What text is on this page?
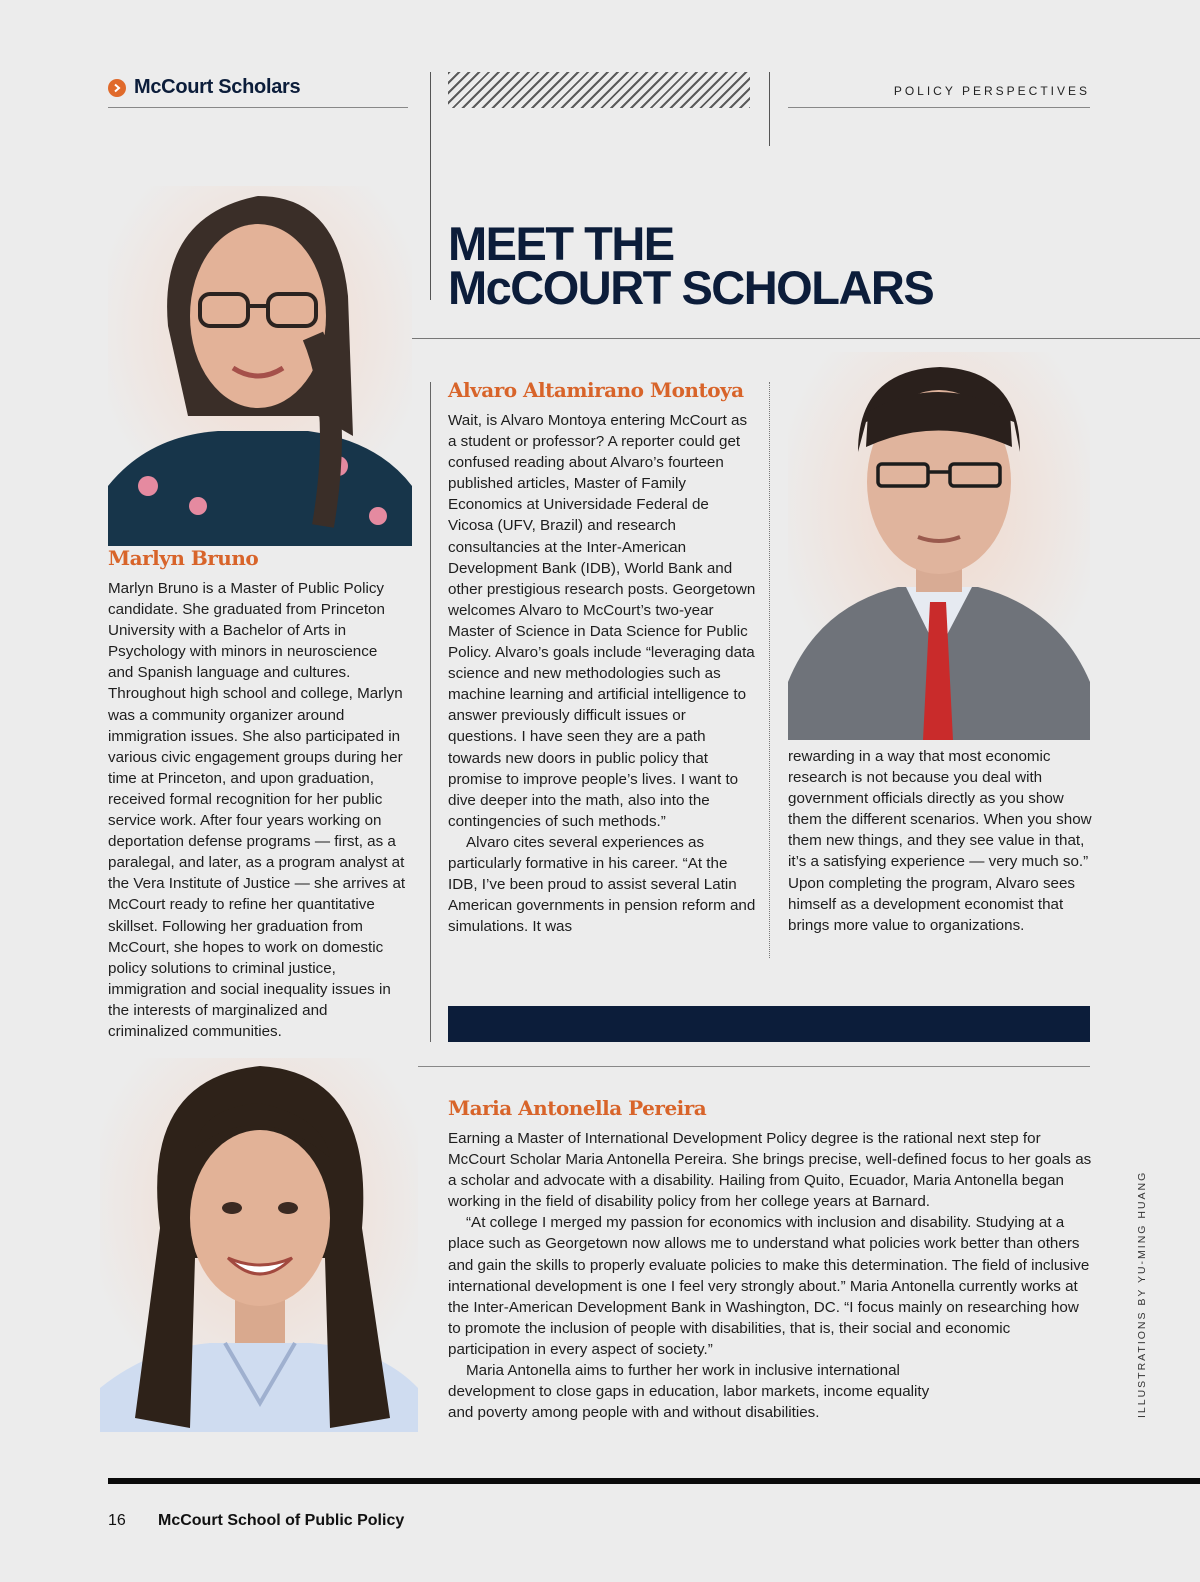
McCourt Scholars	POLICY PERSPECTIVES
MEET THE
McCOURT SCHOLARS
Marlyn Bruno

Marlyn Bruno is a Master of Public Policy candidate. She graduated from Princeton University with a Bachelor of Arts in Psychology with minors in neuroscience and Spanish language and cultures. Throughout high school and college, Marlyn was a community organizer around immigration issues. She also participated in various civic engagement groups during her time at Princeton, and upon graduation, received formal recognition for her public service work. After four years working on deportation defense programs — first, as a paralegal, and later, as a program analyst at the Vera Institute of Justice — she arrives at McCourt ready to refine her quantitative skillset. Following her graduation from McCourt, she hopes to work on domestic policy solutions to criminal justice, immigration and social inequality issues in the interests of marginalized and criminalized communities.

Alvaro Altamirano Montoya

Wait, is Alvaro Montoya entering McCourt as a student or professor? A reporter could get confused reading about Alvaro’s fourteen published articles, Master of Family Economics at Universidade Federal de Vicosa (UFV, Brazil) and research consultancies at the Inter-American Development Bank (IDB), World Bank and other prestigious research posts. Georgetown welcomes Alvaro to McCourt’s two-year Master of Science in Data Science for Public Policy. Alvaro’s goals include “leveraging data science and new methodologies such as machine learning and artificial intelligence to answer previously difficult issues or questions. I have seen they are a path towards new doors in public policy that promise to improve people’s lives. I want to dive deeper into the math, also into the contingencies of such methods.”

Alvaro cites several experiences as particularly formative in his career. “At the IDB, I’ve been proud to assist several Latin American governments in pension reform and simulations. It was

rewarding in a way that most economic research is not because you deal with government officials directly as you show them the different scenarios. When you show them new things, and they see value in that, it’s a satisfying experience — very much so.” Upon completing the program, Alvaro sees himself as a development economist that brings more value to organizations.

Maria Antonella Pereira

Earning a Master of International Development Policy degree is the rational next step for McCourt Scholar Maria Antonella Pereira. She brings precise, well-defined focus to her goals as a scholar and advocate with a disability. Hailing from Quito, Ecuador, Maria Antonella began working in the field of disability policy from her college years at Barnard.

“At college I merged my passion for economics with inclusion and disability. Studying at a place such as Georgetown now allows me to understand what policies work better than others and gain the skills to properly evaluate policies to make this determination. The field of inclusive international development is one I feel very strongly about.” Maria Antonella currently works at the Inter-American Development Bank in Washington, DC. “I focus mainly on researching how to promote the inclusion of people with disabilities, that is, their social and economic participation in every aspect of society.”

Maria Antonella aims to further her work in inclusive international development to close gaps in education, labor markets, income equality and poverty among people with and without disabilities.	ILLUSTRATIONS BY YU-MING HUANG
16 McCourt School of Public Policy
